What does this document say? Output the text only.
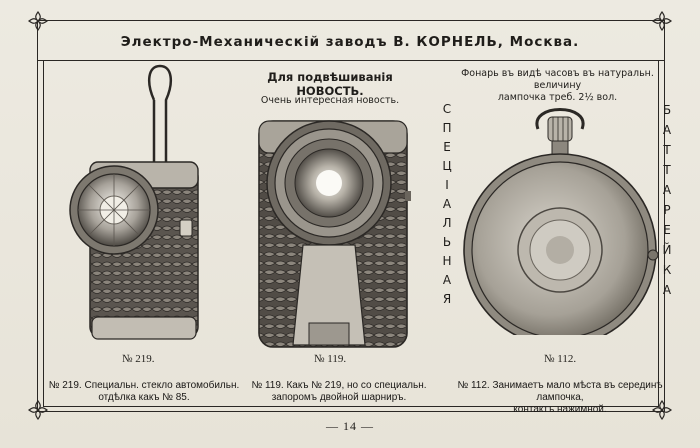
Электро-Механическій заводъ В. КОРНЕЛЬ, Москва.
Для подвѣшиванія НОВОСТЬ.
Очень интересная новость.
Фонарь въ видѣ часовъ въ натуральн. величину
лампочка треб. 2½ вол.
С
П
Е
Ц
І
А
Л
Ь
Н
А
Я
Б
А
Т
Т
А
Р
Е
Й
К
А
№ 219.	№ 119.	№ 112.
№ 219. Специальн. стекло автомобильн.
отдѣлка какъ № 85.
№ 119. Какъ № 219, но со специальн.
запоромъ двойной шарниръ.
№ 112. Занимаетъ мало мѣста въ серединѣ лампочка,
контактъ нажимной.
— 14 —
